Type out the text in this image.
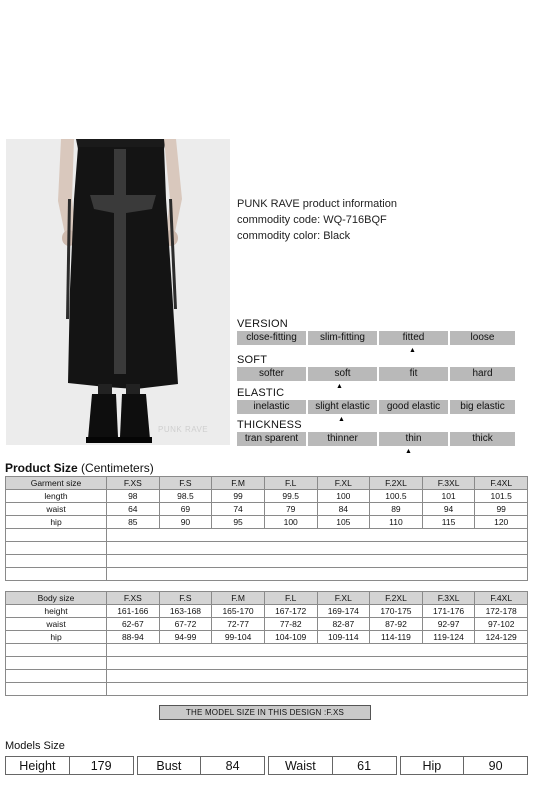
PUNK RAVE
PUNK RAVE product information
commodity code: WQ-716BQF
commodity color: Black
VERSION
close-fitting	slim-fitting	fitted	loose
▲
SOFT
softer	soft	fit	hard
▲
ELASTIC
inelastic	slight elastic	good elastic	big elastic
▲
THICKNESS
tran sparent	thinner	thin	thick
▲
Product Size (Centimeters)
Garment size	F.XS	F.S	F.M	F.L	F.XL	F.2XL	F.3XL	F.4XL
length	98	98.5	99	99.5	100	100.5	101	101.5
waist	64	69	74	79	84	89	94	99
hip	85	90	95	100	105	110	115	120

Body size	F.XS	F.S	F.M	F.L	F.XL	F.2XL	F.3XL	F.4XL
height	161-166	163-168	165-170	167-172	169-174	170-175	171-176	172-178
waist	62-67	67-72	72-77	77-82	82-87	87-92	92-97	97-102
hip	88-94	94-99	99-104	104-109	109-114	114-119	119-124	124-129

THE MODEL SIZE IN THIS DESIGN :F.XS
Models Size
Height	179		Bust	84		Waist	61		Hip	90
